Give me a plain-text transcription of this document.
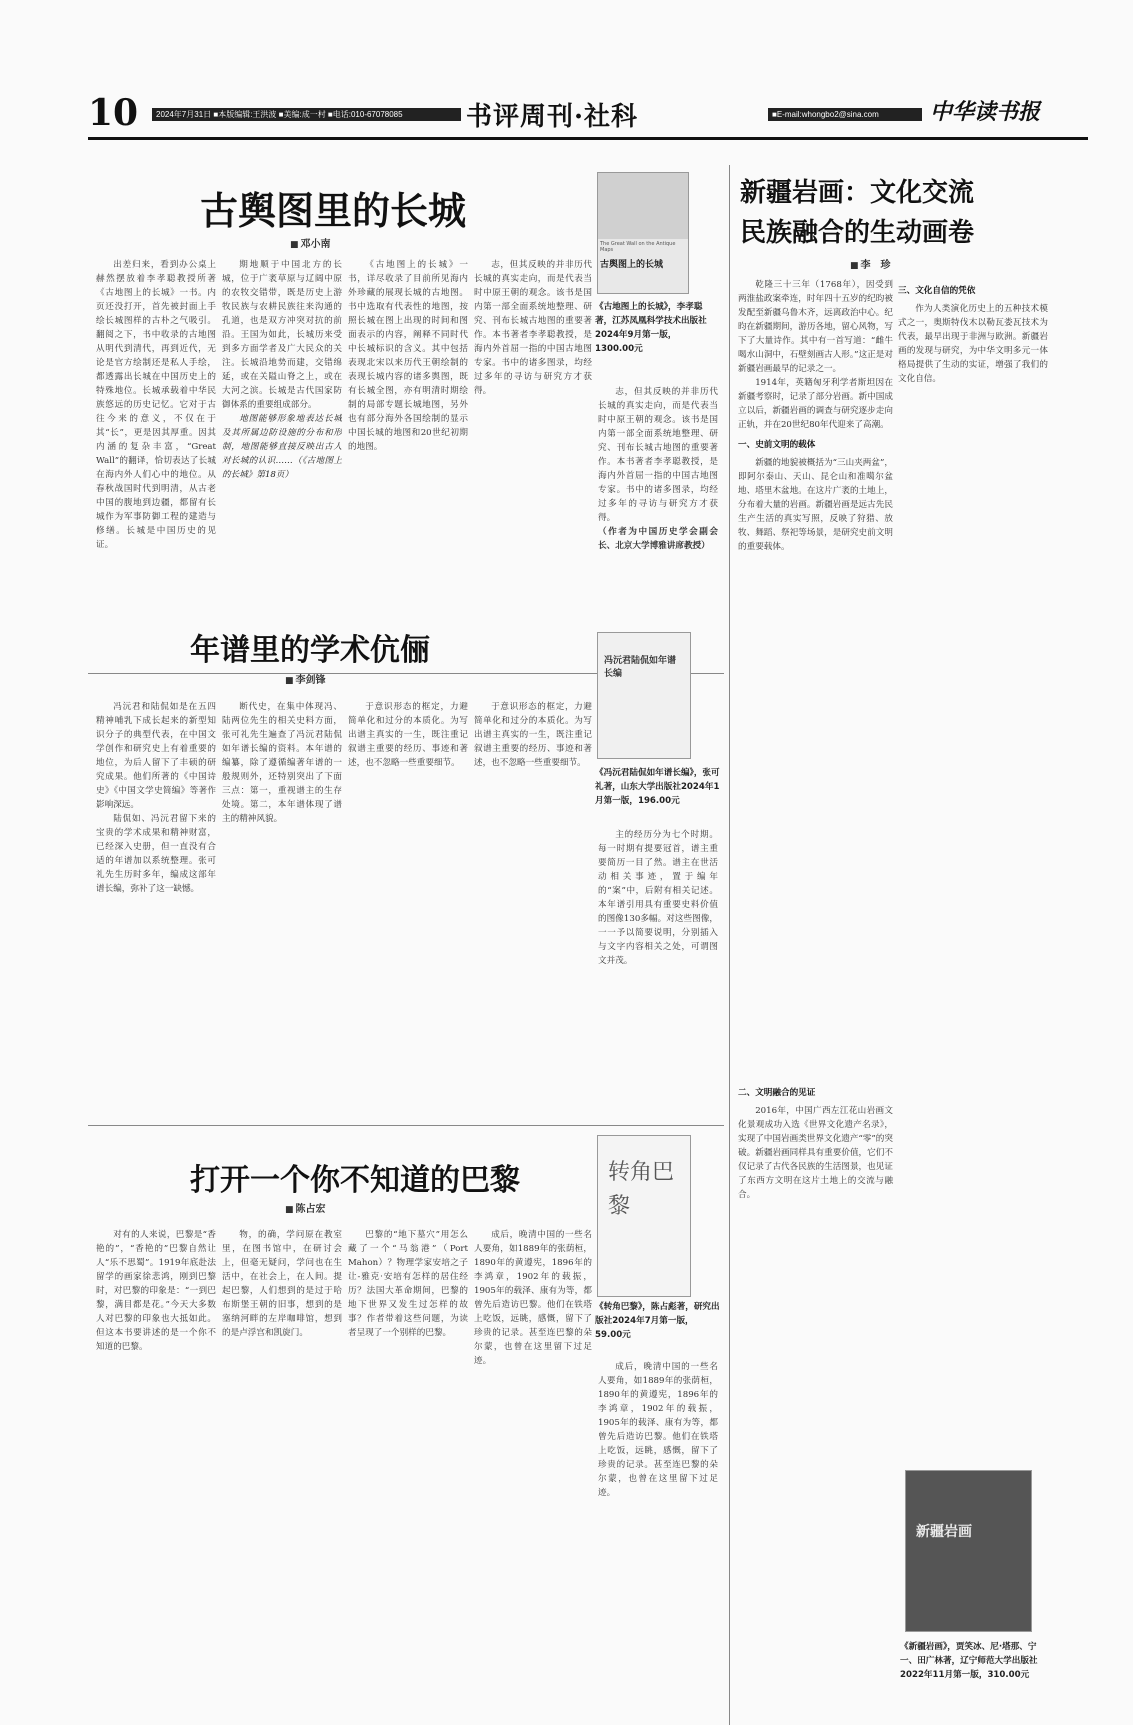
10	2024年7月31日 ■本版编辑:王洪波 ■美编:成一村 ■电话:010-67078085	书评周刊·社科	■E-mail:whongbo2@sina.com	中华读书报
古舆图里的长城
■ 邓小南	The Great Wall on the Antique Maps
古舆图上的长城
《古地图上的长城》，李孝聪著，江苏凤凰科学技术出版社2024年9月第一版，1300.00元

出差归来，看到办公桌上赫然摆放着李孝聪教授所著《古地图上的长城》一书。内页还没打开，首先被封面上手绘长城图样的古朴之气吸引。翻阅之下，书中收录的古地图从明代到清代，再到近代，无论是官方绘制还是私人手绘，都透露出长城在中国历史上的特殊地位。长城承载着中华民族悠远的历史记忆。它对于古往今来的意义，不仅在于其“长”，更是因其厚重。因其内涵的复杂丰富，“Great Wall”的翻译，恰切表达了长城在海内外人们心中的地位。从春秋战国时代到明清，从古老中国的腹地到边疆，都留有长城作为军事防御工程的建造与修缮。长城是中国历史的见证。

期地顺于中国北方的长城，位于广袤草原与辽阔中原的农牧交错带，既是历史上游牧民族与农耕民族往来沟通的孔道，也是双方冲突对抗的前沿。王国为如此，长城历来受到多方面学者及广大民众的关注。长城沿地势而建，交错绵延，或在关隘山脊之上，或在大河之滨。长城是古代国家防御体系的重要组成部分。

地图能够形象地表达长城及其所属边防设施的分布和形制，地图能够直接反映出古人对长城的认识……（《古地图上的长城》第18页）

《古地图上的长城》一书，详尽收录了目前所见海内外珍藏的展现长城的古地图。书中选取有代表性的地图，按照长城在图上出现的时间和图面表示的内容，阐释不同时代中长城标识的含义。其中包括表现北宋以来历代王朝绘制的表现长城内容的诸多舆图，既有长城全图，亦有明清时期绘制的局部专题长城地图，另外也有部分海外各国绘制的显示中国长城的地图和20世纪初期的地图。

志，但其反映的并非历代长城的真实走向，而是代表当时中原王朝的观念。该书是国内第一部全面系统地整理、研究、刊布长城古地图的重要著作。本书著者李孝聪教授，是海内外首屈一指的中国古地图专家。书中的诸多图录，均经过多年的寻访与研究方才获得。	志，但其反映的并非历代长城的真实走向，而是代表当时中原王朝的观念。该书是国内第一部全面系统地整理、研究、刊布长城古地图的重要著作。本书著者李孝聪教授，是海内外首屈一指的中国古地图专家。书中的诸多图录，均经过多年的寻访与研究方才获得。

（作者为中国历史学会副会长、北京大学博雅讲席教授）

新疆岩画：文化交流
民族融合的生动画卷
■ 李　珍

乾隆三十三年（1768年），因受到两淮盐政案牵连，时年四十五岁的纪昀被发配至新疆乌鲁木齐，远离政治中心。纪昀在新疆期间，游历各地，留心风物，写下了大量诗作。其中有一首写道：“雌牛喝水山洞中，石壁刻画古人形。”这正是对新疆岩画最早的记录之一。

1914年，英籍匈牙利学者斯坦因在新疆考察时，记录了部分岩画。新中国成立以后，新疆岩画的调查与研究逐步走向正轨，并在20世纪80年代迎来了高潮。

一、史前文明的载体

新疆的地貌被概括为“三山夹两盆”，即阿尔泰山、天山、昆仑山和准噶尔盆地、塔里木盆地。在这片广袤的土地上，分布着大量的岩画。新疆岩画是远古先民生产生活的真实写照，反映了狩猎、放牧、舞蹈、祭祀等场景，是研究史前文明的重要载体。

三、文化自信的凭依

作为人类演化历史上的五种技术模式之一，奥斯特伐木以勒瓦娄瓦技术为代表，最早出现于非洲与欧洲。新疆岩画的发现与研究，为中华文明多元一体格局提供了生动的实证，增强了我们的文化自信。

二、文明融合的见证

2016年，中国广西左江花山岩画文化景观成功入选《世界文化遗产名录》，实现了中国岩画类世界文化遗产“零”的突破。新疆岩画同样具有重要价值，它们不仅记录了古代各民族的生活图景，也见证了东西方文明在这片土地上的交流与融合。

新疆岩画
《新疆岩画》，贾笑冰、尼·塔那、宁一、田广林著，辽宁师范大学出版社2022年11月第一版，310.00元
年谱里的学术伉俪
■ 李剑锋
冯沅君陆侃如年谱长编
《冯沅君陆侃如年谱长编》，张可礼著，山东大学出版社2024年1月第一版，196.00元

冯沅君和陆侃如是在五四精神哺乳下成长起来的新型知识分子的典型代表，在中国文学创作和研究史上有着重要的地位，为后人留下了丰硕的研究成果。他们所著的《中国诗史》《中国文学史简编》等著作影响深远。

陆侃如、冯沅君留下来的宝贵的学术成果和精神财富，已经深入史册，但一直没有合适的年谱加以系统整理。张可礼先生历时多年，编成这部年谱长编，弥补了这一缺憾。

断代史，在集中体现冯、陆两位先生的相关史料方面，张可礼先生遍查了冯沅君陆侃如年谱长编的资料。本年谱的编纂，除了遵循编著年谱的一般规则外，还特别突出了下面三点：第一，重视谱主的生存处境。第二，本年谱体现了谱主的精神风貌。

于意识形态的框定，力避简单化和过分的本质化。为写出谱主真实的一生，既注重记叙谱主重要的经历、事迹和著述，也不忽略一些重要细节。

于意识形态的框定，力避简单化和过分的本质化。为写出谱主真实的一生，既注重记叙谱主重要的经历、事迹和著述，也不忽略一些重要细节。

主的经历分为七个时期。每一时期有提要冠首，谱主重要简历一目了然。谱主在世活动相关事迹，置于编年的“案”中，后附有相关记述。本年谱引用具有重要史料价值的图像130多幅。对这些图像，一一予以简要说明，分别插入与文字内容相关之处，可谓图文并茂。

打开一个你不知道的巴黎
■ 陈占宏
转角巴黎
《转角巴黎》，陈占彪著，研究出版社2024年7月第一版，59.00元

对有的人来说，巴黎是“香艳的”，“香艳的”巴黎自然让人“乐不思蜀”。1919年底赴法留学的画家徐悲鸿，刚到巴黎时，对巴黎的印象是：“一到巴黎，满目都是花。”今天大多数人对巴黎的印象也大抵如此。但这本书要讲述的是一个你不知道的巴黎。

物，的确，学问原在教室里，在图书馆中，在研讨会上，但毫无疑问，学问也在生活中，在社会上，在人间。提起巴黎，人们想到的是过于哈布斯堡王朝的旧事，想到的是塞纳河畔的左岸咖啡馆，想到的是卢浮宫和凯旋门。

巴黎的“地下墓穴”用怎么藏了一个“马翁港”（Port Mahon）？物理学家安培之子让-雅克·安培有怎样的居住经历？法国大革命期间，巴黎的地下世界又发生过怎样的故事？作者带着这些问题，为读者呈现了一个别样的巴黎。

成后，晚清中国的一些名人要角，如1889年的张荫桓，1890年的黄遵宪，1896年的李鸿章，1902年的载振，1905年的载泽、康有为等，都曾先后造访巴黎。他们在铁塔上吃饭，远眺，感慨，留下了珍贵的记录。甚至连巴黎的朵尔蒙，也曾在这里留下过足迹。

成后，晚清中国的一些名人要角，如1889年的张荫桓，1890年的黄遵宪，1896年的李鸿章，1902年的载振，1905年的载泽、康有为等，都曾先后造访巴黎。他们在铁塔上吃饭，远眺，感慨，留下了珍贵的记录。甚至连巴黎的朵尔蒙，也曾在这里留下过足迹。
